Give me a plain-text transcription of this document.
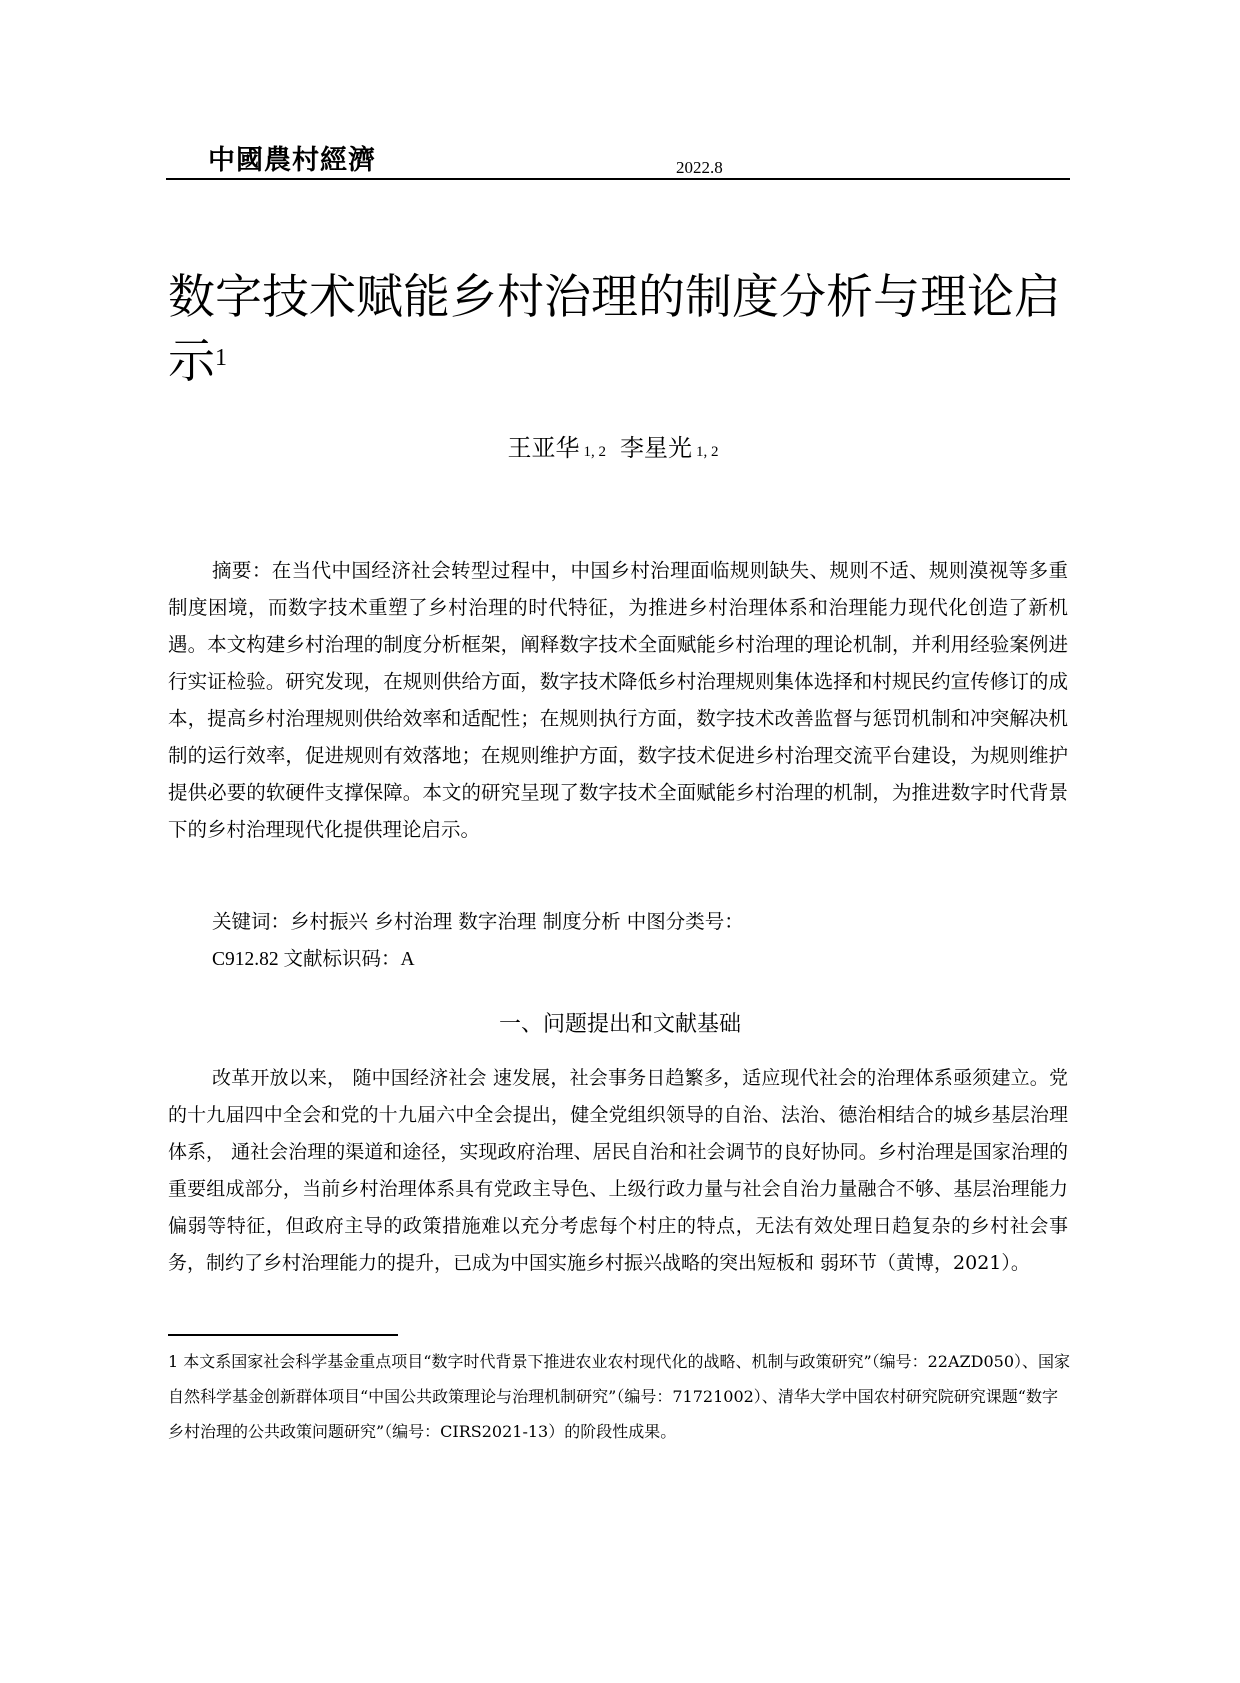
中國農村經濟	2022.8
数字技术赋能乡村治理的制度分析与理论启示$^1$
王亚华 1, 2 李星光 1, 2

摘要：在当代中国经济社会转型过程中，中国乡村治理面临规则缺失、规则不适、规则漠视等多重制度困境，而数字技术重塑了乡村治理的时代特征，为推进乡村治理体系和治理能力现代化创造了新机遇。本文构建乡村治理的制度分析框架，阐释数字技术全面赋能乡村治理的理论机制，并利用经验案例进行实证检验。研究发现，在规则供给方面，数字技术降低乡村治理规则集体选择和村规民约宣传修订的成本，提高乡村治理规则供给效率和适配性；在规则执行方面，数字技术改善监督与惩罚机制和冲突解决机制的运行效率，促进规则有效落地；在规则维护方面，数字技术促进乡村治理交流平台建设，为规则维护提供必要的软硬件支撑保障。本文的研究呈现了数字技术全面赋能乡村治理的机制，为推进数字时代背景下的乡村治理现代化提供理论启示。

关键词：乡村振兴 乡村治理 数字治理 制度分析 中图分类号：
C912.82 文献标识码：A
一、问题提出和文献基础

改革开放以来， 随中国经济社会 速发展，社会事务日趋繁多，适应现代社会的治理体系亟须建立。党的十九届四中全会和党的十九届六中全会提出，健全党组织领导的自治、法治、德治相结合的城乡基层治理体系， 通社会治理的渠道和途径，实现政府治理、居民自治和社会调节的良好协同。乡村治理是国家治理的重要组成部分，当前乡村治理体系具有党政主导色、上级行政力量与社会自治力量融合不够、基层治理能力偏弱等特征，但政府主导的政策措施难以充分考虑每个村庄的特点，无法有效处理日趋复杂的乡村社会事务，制约了乡村治理能力的提升，已成为中国实施乡村振兴战略的突出短板和 弱环节（黄博，2021）。

1 本文系国家社会科学基金重点项目“数字时代背景下推进农业农村现代化的战略、机制与政策研究”（编号：22AZD050）、国家自然科学基金创新群体项目“中国公共政策理论与治理机制研究”（编号：71721002）、清华大学中国农村研究院研究课题“数字乡村治理的公共政策问题研究”（编号：CIRS2021-13）的阶段性成果。
